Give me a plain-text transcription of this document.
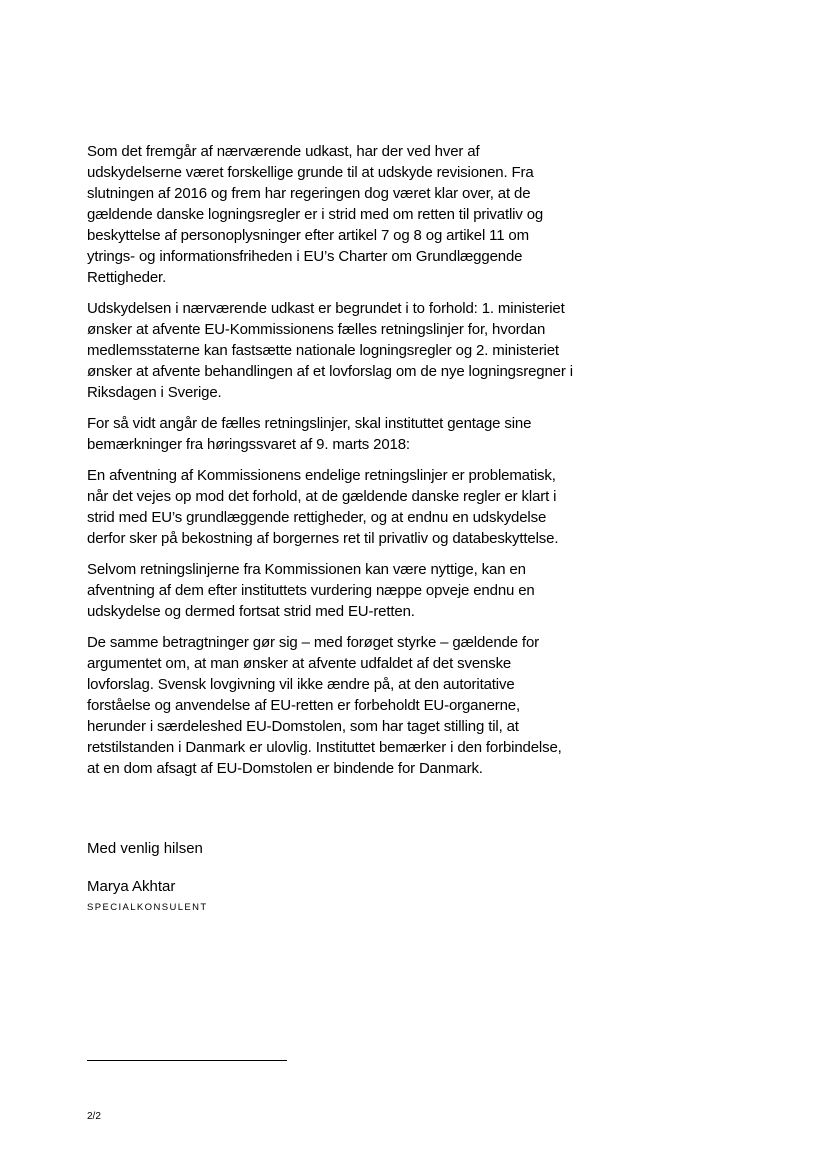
Som det fremgår af nærværende udkast, har der ved hver af udskydelserne været forskellige grunde til at udskyde revisionen. Fra slutningen af 2016 og frem har regeringen dog været klar over, at de gældende danske logningsregler er i strid med om retten til privatliv og beskyttelse af personoplysninger efter artikel 7 og 8 og artikel 11 om ytrings- og informationsfriheden i EU’s Charter om Grundlæggende Rettigheder.

Udskydelsen i nærværende udkast er begrundet i to forhold: 1. ministeriet ønsker at afvente EU-Kommissionens fælles retningslinjer for, hvordan medlemsstaterne kan fastsætte nationale logningsregler og 2. ministeriet ønsker at afvente behandlingen af et lovforslag om de nye logningsregner i Riksdagen i Sverige.

For så vidt angår de fælles retningslinjer, skal instituttet gentage sine bemærkninger fra høringssvaret af 9. marts 2018:

En afventning af Kommissionens endelige retningslinjer er problematisk, når det vejes op mod det forhold, at de gældende danske regler er klart i strid med EU’s grundlæggende rettigheder, og at endnu en udskydelse derfor sker på bekostning af borgernes ret til privatliv og databeskyttelse.

Selvom retningslinjerne fra Kommissionen kan være nyttige, kan en afventning af dem efter instituttets vurdering næppe opveje endnu en udskydelse og dermed fortsat strid med EU-retten.

De samme betragtninger gør sig – med forøget styrke – gældende for argumentet om, at man ønsker at afvente udfaldet af det svenske lovforslag. Svensk lovgivning vil ikke ændre på, at den autoritative forståelse og anvendelse af EU-retten er forbeholdt EU-organerne, herunder i særdeleshed EU-Domstolen, som har taget stilling til, at retstilstanden i Danmark er ulovlig. Instituttet bemærker i den forbindelse, at en dom afsagt af EU-Domstolen er bindende for Danmark.

Med venlig hilsen

Marya Akhtar

SPECIALKONSULENT

2/2
